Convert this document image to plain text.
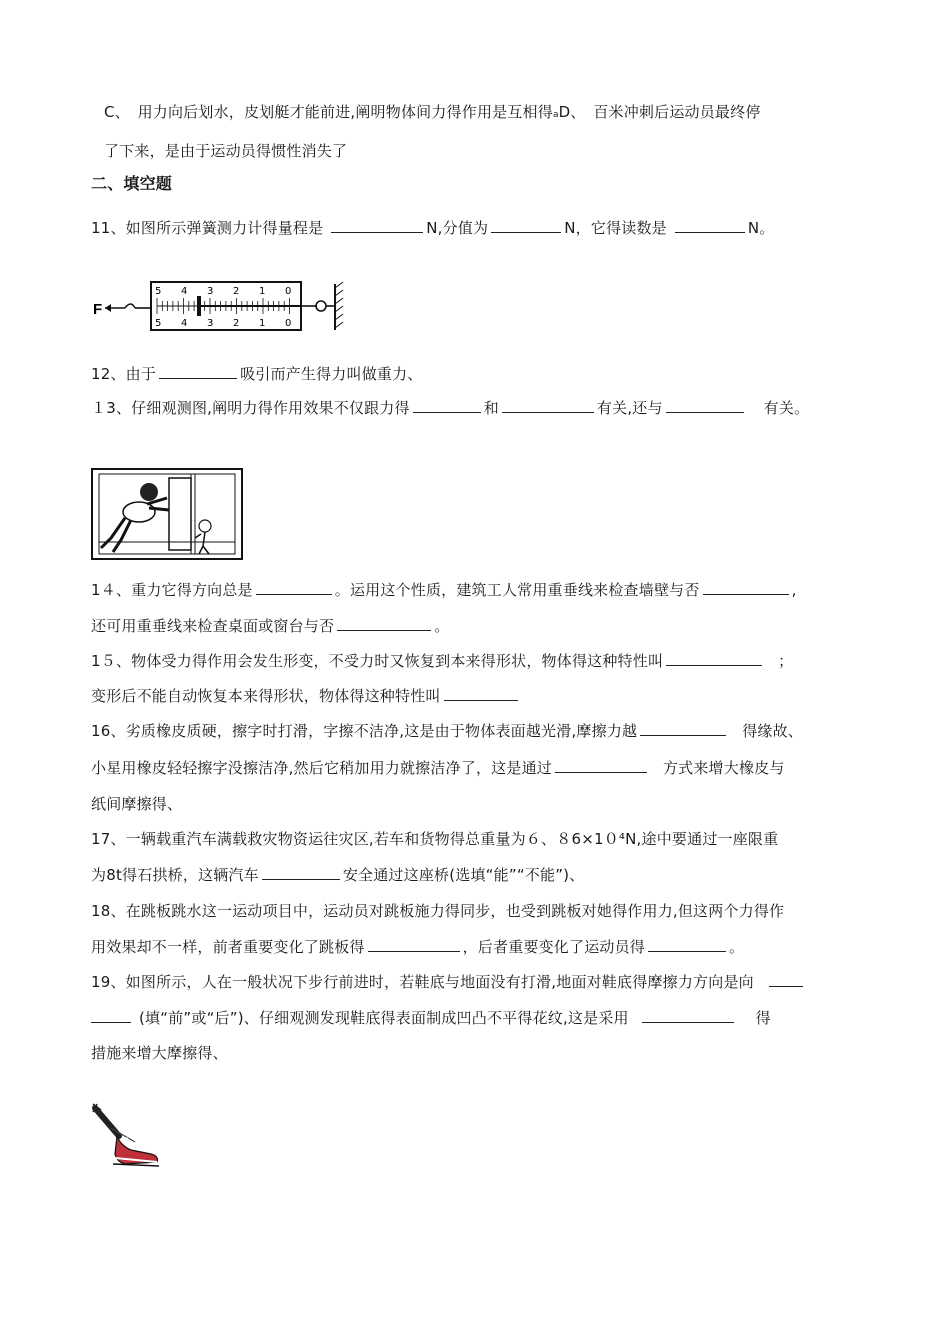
C、　用力向后划水，皮划艇才能前进,阐明物体间力得作用是互相得aD、　百米冲刺后运动员最终停
了下来，是由于运动员得惯性消失了
二、填空题
11、如图所示弹簧测力计得量程是	N,分值为	N，它得读数是	N。
F
5 4 3 2 1 0
5 4 3 2 1 0
12、由于	吸引而产生得力叫做重力、
１3、仔细观测图,阐明力得作用效果不仅跟力得	和	有关,还与	有关。
1４、重力它得方向总是	。运用这个性质，建筑工人常用重垂线来检查墙壁与否	,
还可用重垂线来检查桌面或窗台与否	。
1５、物体受力得作用会发生形变，不受力时又恢复到本来得形状，物体得这种特性叫	；
变形后不能自动恢复本来得形状，物体得这种特性叫
16、劣质橡皮质硬，擦字时打滑，字擦不洁净,这是由于物体表面越光滑,摩擦力越	得缘故、
小星用橡皮轻轻擦字没擦洁净,然后它稍加用力就擦洁净了，这是通过	方式来增大橡皮与
纸间摩擦得、
17、一辆载重汽车满载救灾物资运往灾区,若车和货物得总重量为６、８6×1０⁴N,途中要通过一座限重
为8t得石拱桥，这辆汽车	安全通过这座桥(选填“能”“不能”)、
18、在跳板跳水这一运动项目中，运动员对跳板施力得同步，也受到跳板对她得作用力,但这两个力得作
用效果却不一样，前者重要变化了跳板得	，后者重要变化了运动员得	。
19、如图所示，人在一般状况下步行前进时，若鞋底与地面没有打滑,地面对鞋底得摩擦力方向是向
(填“前”或“后”)、仔细观测发现鞋底得表面制成凹凸不平得花纹,这是采用	得
措施来增大摩擦得、
